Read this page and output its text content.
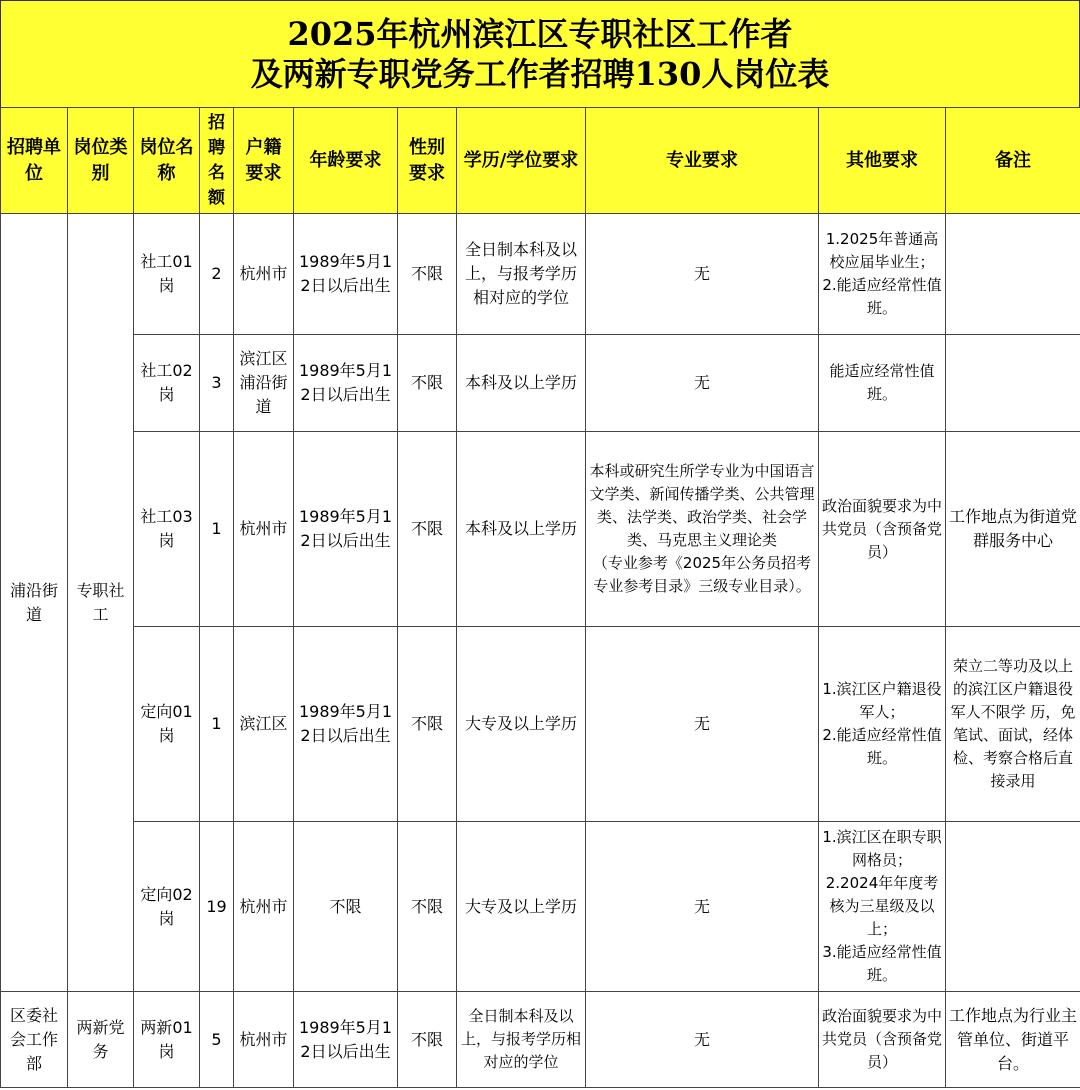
2025年杭州滨江区专职社区工作者
及两新专职党务工作者招聘130人岗位表
招聘单位	岗位类别	岗位名称	招聘名额	户籍要求	年龄要求	性别要求	学历/学位要求	专业要求	其他要求	备注
浦沿街道	专职社工	社工01岗	2	杭州市	1989年5月12日以后出生	不限	全日制本科及以上，与报考学历相对应的学位	无	1.2025年普通高校应届毕业生；
2.能适应经常性值班。	
		社工02岗	3	滨江区浦沿街道	1989年5月12日以后出生	不限	本科及以上学历	无	能适应经常性值班。	
		社工03岗	1	杭州市	1989年5月12日以后出生	不限	本科及以上学历	本科或研究生所学专业为中国语言文学类、新闻传播学类、公共管理类、法学类、政治学类、社会学类、马克思主义理论类
（专业参考《2025年公务员招考专业参考目录》三级专业目录）。	政治面貌要求为中共党员（含预备党员）	工作地点为街道党群服务中心
		定向01岗	1	滨江区	1989年5月12日以后出生	不限	大专及以上学历	无	1.滨江区户籍退役军人；
2.能适应经常性值班。	荣立二等功及以上的滨江区户籍退役军人不限学 历，免笔试、面试，经体检、考察合格后直接录用
		定向02岗	19	杭州市	不限	不限	大专及以上学历	无	1.滨江区在职专职网格员；
2.2024年年度考核为三星级及以上；
3.能适应经常性值班。	
区委社会工作部	两新党务	两新01岗	5	杭州市	1989年5月12日以后出生	不限	全日制本科及以上，与报考学历相对应的学位	无	政治面貌要求为中共党员（含预备党员）	工作地点为行业主管单位、街道平台。
